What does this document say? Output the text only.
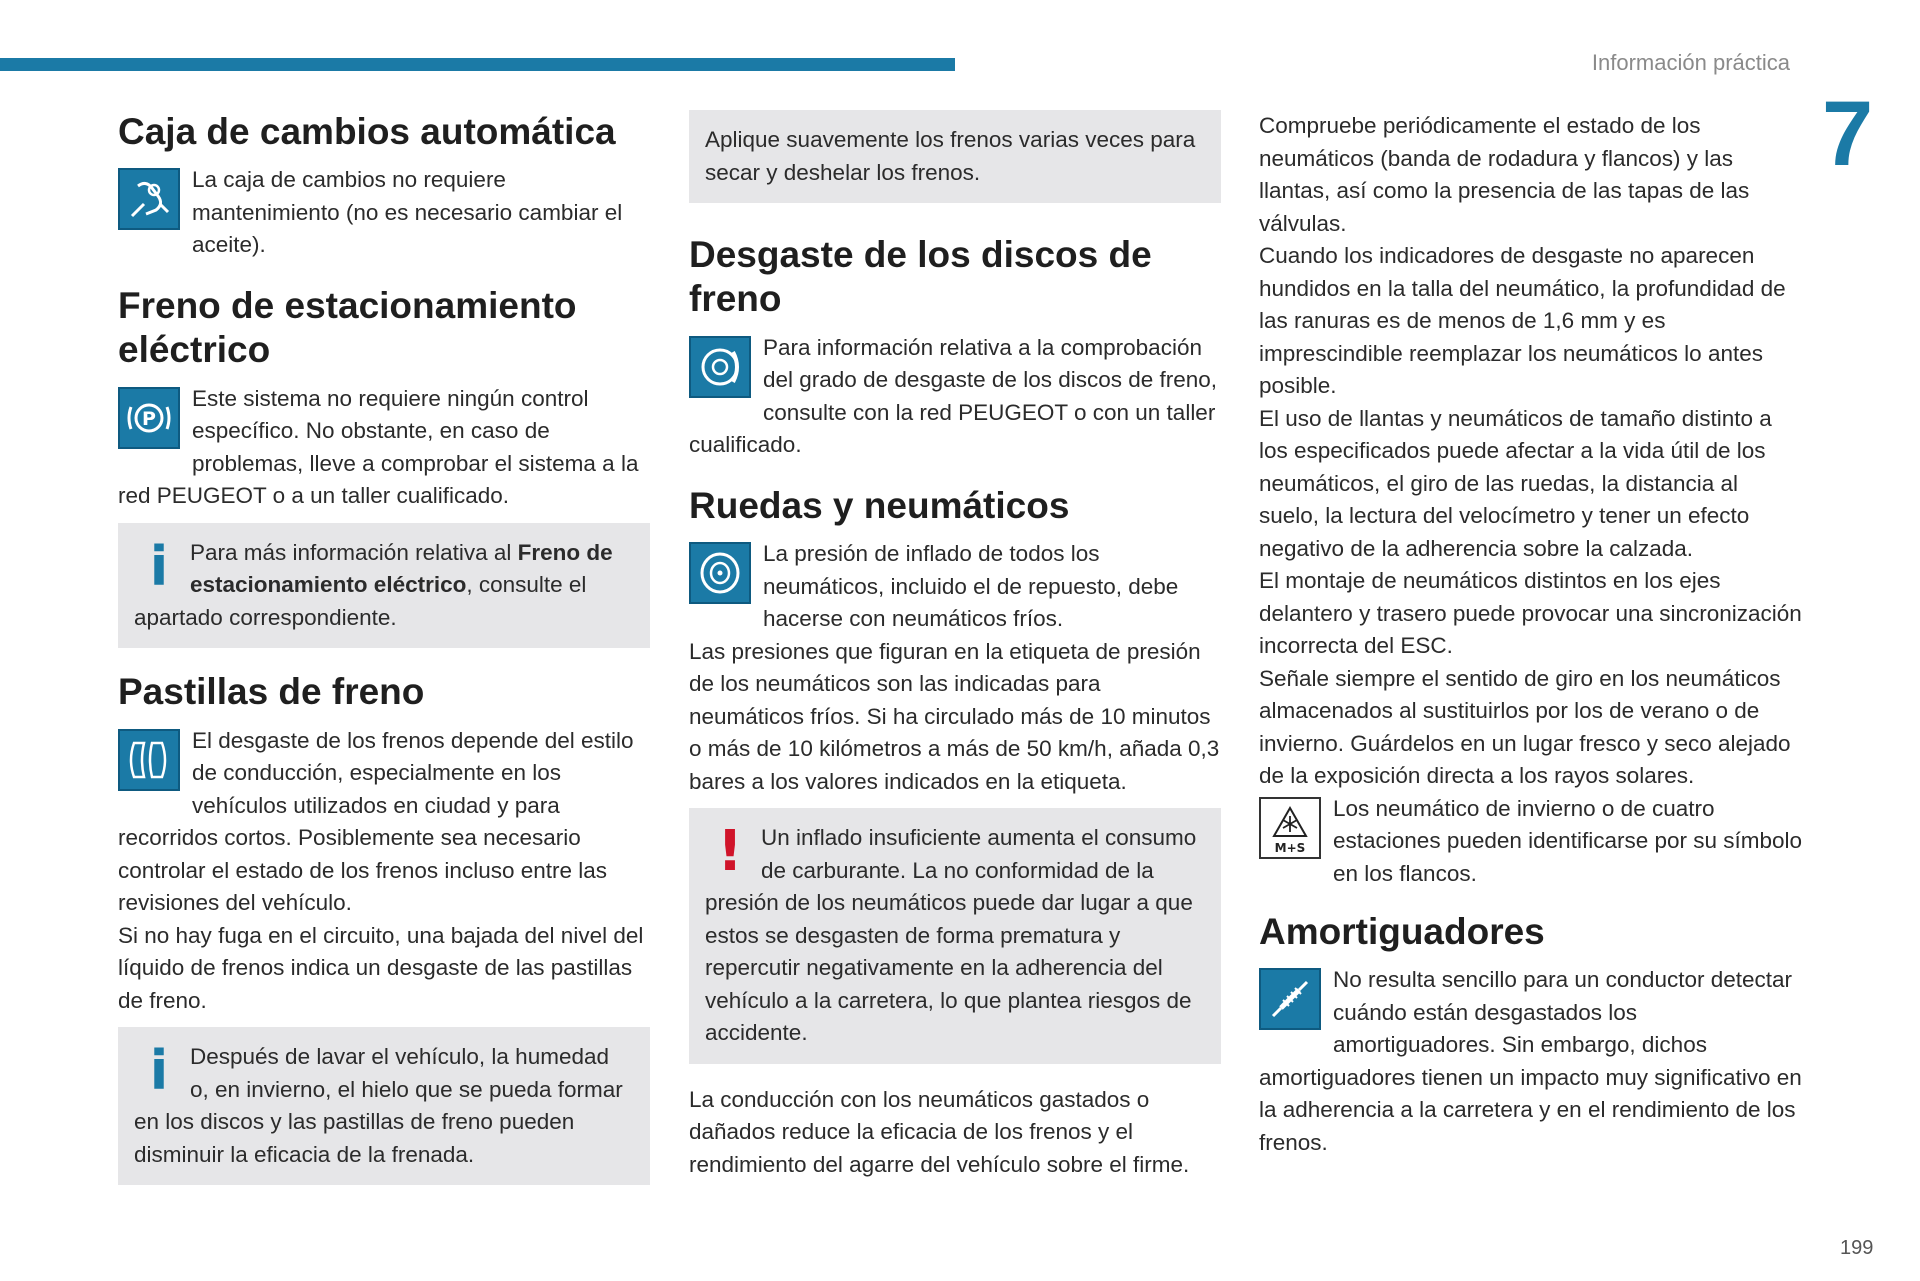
Información práctica
7
199
Caja de cambios automática

La caja de cambios no requiere mantenimiento (no es necesario cambiar el aceite).

Freno de estacionamiento eléctrico
P

Este sistema no requiere ningún control específico. No obstante, en caso de problemas, lleve a comprobar el sistema a la red PEUGEOT o a un taller cualificado.

i Para más información relativa al Freno de estacionamiento eléctrico, consulte el apartado correspondiente.

Pastillas de freno

El desgaste de los frenos depende del estilo de conducción, especialmente en los vehículos utilizados en ciudad y para recorridos cortos. Posiblemente sea necesario controlar el estado de los frenos incluso entre las revisiones del vehículo.

Si no hay fuga en el circuito, una bajada del nivel del líquido de frenos indica un desgaste de las pastillas de freno.

i Después de lavar el vehículo, la humedad o, en invierno, el hielo que se pueda formar en los discos y las pastillas de freno pueden disminuir la eficacia de la frenada.

Aplique suavemente los frenos varias veces para secar y deshelar los frenos.

Desgaste de los discos de freno

Para información relativa a la comprobación del grado de desgaste de los discos de freno, consulte con la red PEUGEOT o con un taller cualificado.

Ruedas y neumáticos

La presión de inflado de todos los neumáticos, incluido el de repuesto, debe hacerse con neumáticos fríos.

Las presiones que figuran en la etiqueta de presión de los neumáticos son las indicadas para neumáticos fríos. Si ha circulado más de 10 minutos o más de 10 kilómetros a más de 50 km/h, añada 0,3 bares a los valores indicados en la etiqueta.

! Un inflado insuficiente aumenta el consumo de carburante. La no conformidad de la presión de los neumáticos puede dar lugar a que estos se desgasten de forma prematura y repercutir negativamente en la adherencia del vehículo a la carretera, lo que plantea riesgos de accidente.

La conducción con los neumáticos gastados o dañados reduce la eficacia de los frenos y el rendimiento del agarre del vehículo sobre el firme.

Compruebe periódicamente el estado de los neumáticos (banda de rodadura y flancos) y las llantas, así como la presencia de las tapas de las válvulas.

Cuando los indicadores de desgaste no aparecen hundidos en la talla del neumático, la profundidad de las ranuras es de menos de 1,6 mm y es imprescindible reemplazar los neumáticos lo antes posible.

El uso de llantas y neumáticos de tamaño distinto a los especificados puede afectar a la vida útil de los neumáticos, el giro de las ruedas, la distancia al suelo, la lectura del velocímetro y tener un efecto negativo de la adherencia sobre la calzada.

El montaje de neumáticos distintos en los ejes delantero y trasero puede provocar una sincronización incorrecta del ESC.

Señale siempre el sentido de giro en los neumáticos almacenados al sustituirlos por los de verano o de invierno. Guárdelos en un lugar fresco y seco alejado de la exposición directa a los rayos solares.

M+S

Los neumático de invierno o de cuatro estaciones pueden identificarse por su símbolo en los flancos.

Amortiguadores

No resulta sencillo para un conductor detectar cuándo están desgastados los amortiguadores. Sin embargo, dichos amortiguadores tienen un impacto muy significativo en la adherencia a la carretera y en el rendimiento de los frenos.
